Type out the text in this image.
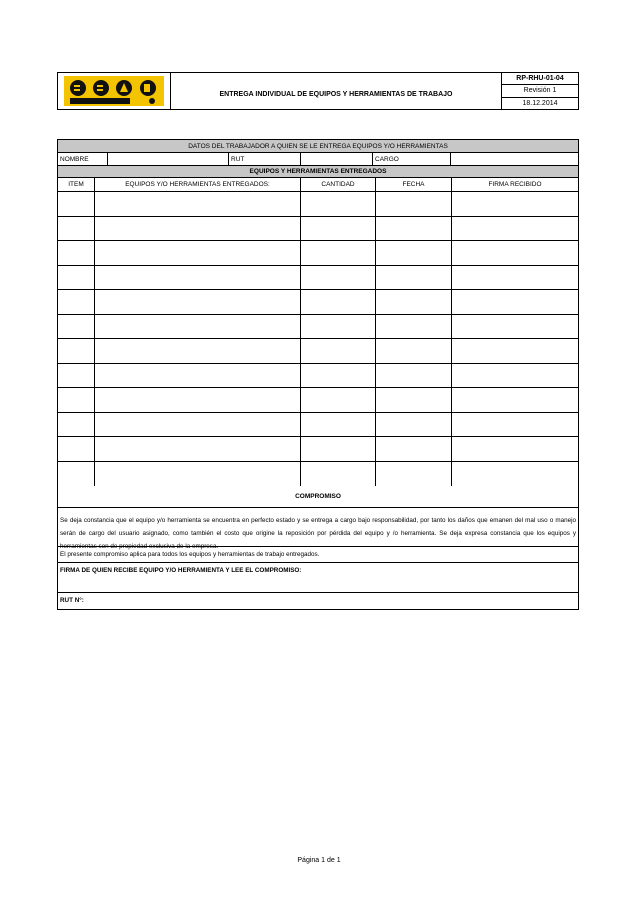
ENTREGA INDIVIDUAL DE EQUIPOS Y HERRAMIENTAS DE TRABAJO
RP-RHU-01-04
Revisión 1
18.12.2014
DATOS DEL TRABAJADOR A QUIEN SE LE ENTREGA EQUIPOS Y/O HERRAMIENTAS
NOMBRE	RUT	CARGO
EQUIPOS Y HERRAMIENTAS ENTREGADOS
ITEM	EQUIPOS Y/O HERRAMIENTAS ENTREGADOS:	CANTIDAD	FECHA	FIRMA RECIBIDO
COMPROMISO
Se deja constancia que el equipo y/o herramienta se encuentra en perfecto estado y se entrega a cargo bajo responsabilidad, por tanto los daños que emanen del mal uso o manejo serán de cargo del usuario asignado, como también el costo que origine la reposición por pérdida del equipo y /o herramienta. Se deja expresa constancia que los equipos y herramientas son de propiedad exclusiva de la empresa.
El presente compromiso aplica para todos los equipos y herramientas de trabajo entregados.
FIRMA DE QUIEN RECIBE EQUIPO Y/O HERRAMIENTA Y LEE EL COMPROMISO:
RUT N°:
Página 1 de 1
